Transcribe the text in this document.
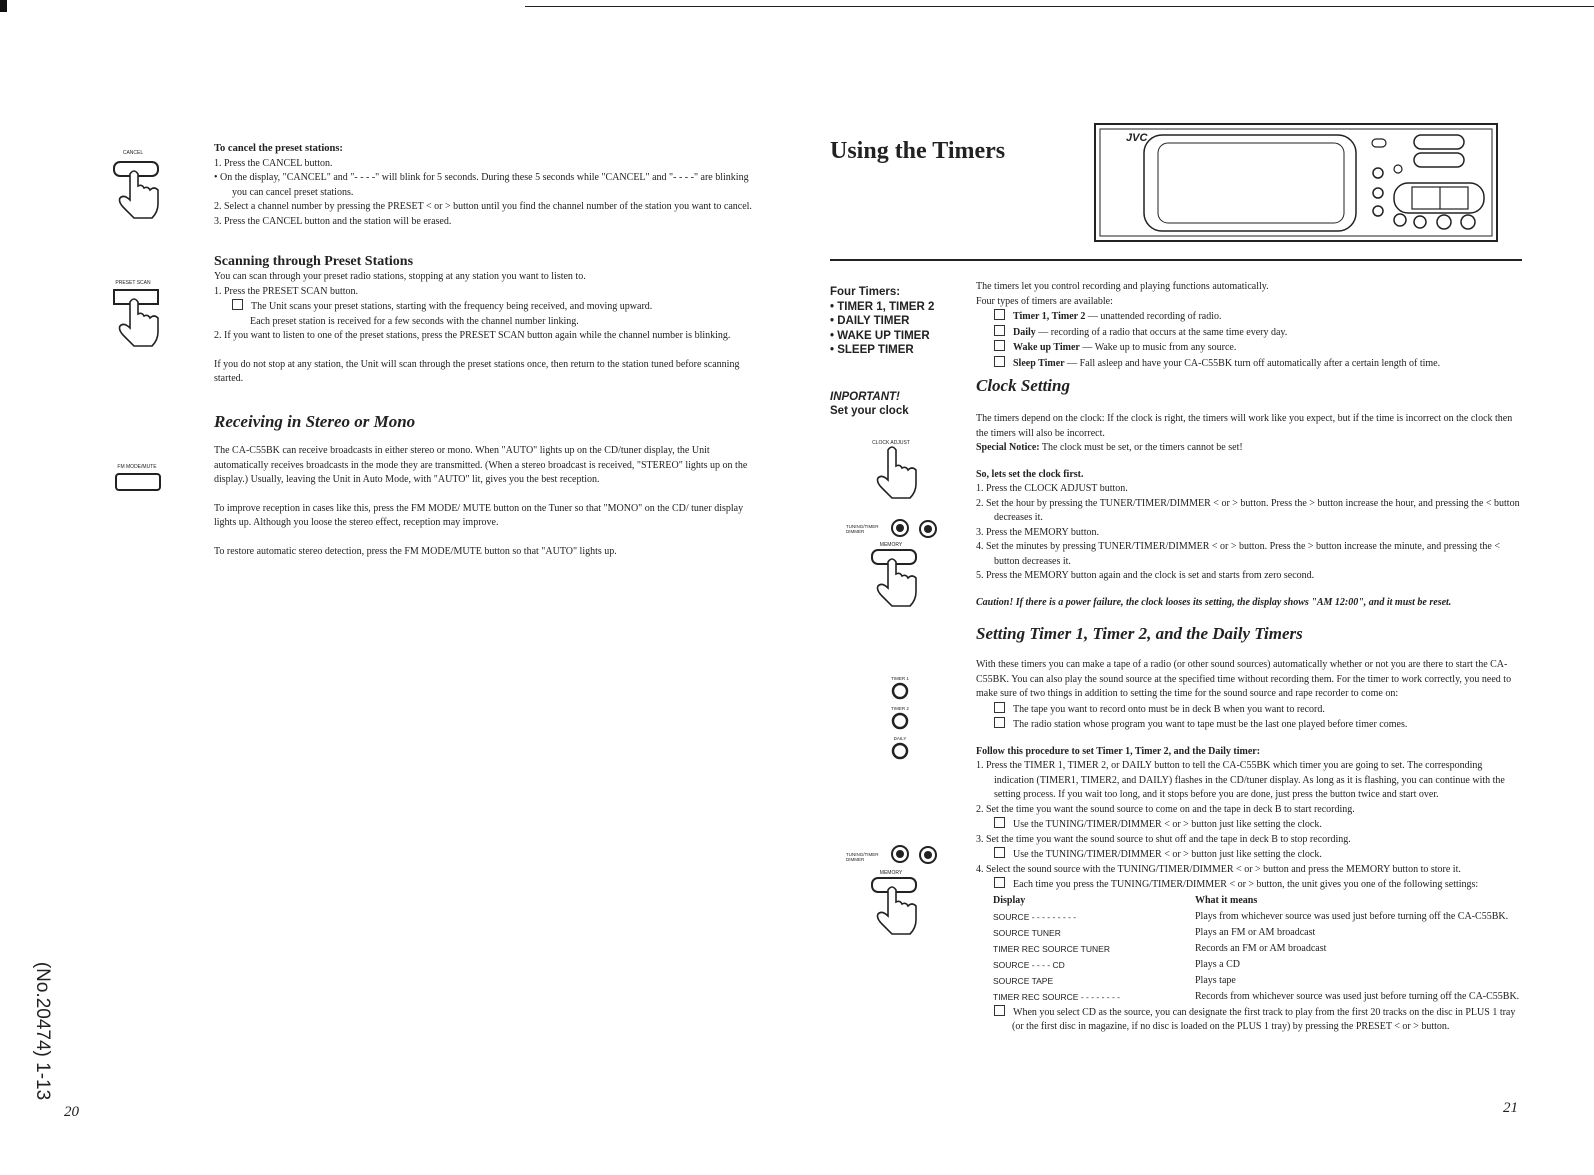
CANCEL	To cancel the preset stations:
1. Press the CANCEL button.
• On the display, "CANCEL" and "- - - -" will blink for 5 seconds. During these 5 seconds while "CANCEL" and "- - - -" are blinking you can cancel preset stations.
2. Select a channel number by pressing the PRESET < or > button until you find the channel number of the station you want to cancel.
3. Press the CANCEL button and the station will be erased.
PRESET SCAN
Scanning through Preset Stations
You can scan through your preset radio stations, stopping at any station you want to listen to.
1. Press the PRESET SCAN button.
The Unit scans your preset stations, starting with the frequency being received, and moving upward.
Each preset station is received for a few seconds with the channel number linking.
2. If you want to listen to one of the preset stations, press the PRESET SCAN button again while the channel number is blinking.
If you do not stop at any station, the Unit will scan through the preset stations once, then return to the station tuned before scanning started.
Receiving in Stereo or Mono
The CA-C55BK can receive broadcasts in either stereo or mono. When "AUTO" lights up on the CD/tuner display, the Unit automatically receives broadcasts in the mode they are transmitted. (When a stereo broadcast is received, "STEREO" lights up on the display.) Usually, leaving the Unit in Auto Mode, with "AUTO" lit, gives you the best reception.
To improve reception in cases like this, press the FM MODE/ MUTE button on the Tuner so that "MONO" on the CD/ tuner display lights up. Although you loose the stereo effect, reception may improve.
To restore automatic stereo detection, press the FM MODE/MUTE button so that "AUTO" lights up.
FM MODE/MUTE
(No.20474) 1-13
20
Using the Timers	JVC
Four Timers:
• TIMER 1, TIMER 2
• DAILY TIMER
• WAKE UP TIMER
• SLEEP TIMER
INPORTANT!
Set your clock
CLOCK ADJUST
TUNING/TIMER DIMMER
MEMORY
TIMER 1
TIMER 2
DAILY
TUNING/TIMER DIMMER
MEMORY
The timers let you control recording and playing functions automatically.
Four types of timers are available:
Timer 1, Timer 2 — unattended recording of radio.
Daily — recording of a radio that occurs at the same time every day.
Wake up Timer — Wake up to music from any source.
Sleep Timer — Fall asleep and have your CA-C55BK turn off automatically after a certain length of time.
Clock Setting
The timers depend on the clock: If the clock is right, the timers will work like you expect, but if the time is incorrect on the clock then the timers will also be incorrect.
Special Notice: The clock must be set, or the timers cannot be set!
So, lets set the clock first.
1. Press the CLOCK ADJUST button.
2. Set the hour by pressing the TUNER/TIMER/DIMMER < or > button. Press the > button increase the hour, and pressing the < button decreases it.
3. Press the MEMORY button.
4. Set the minutes by pressing TUNER/TIMER/DIMMER < or > button. Press the > button increase the minute, and pressing the < button decreases it.
5. Press the MEMORY button again and the clock is set and starts from zero second.
Caution! If there is a power failure, the clock looses its setting, the display shows "AM 12:00", and it must be reset.
Setting Timer 1, Timer 2, and the Daily Timers
With these timers you can make a tape of a radio (or other sound sources) automatically whether or not you are there to start the CA-C55BK. You can also play the sound source at the specified time without recording them. For the timer to work correctly, you need to make sure of two things in addition to setting the time for the sound source and rape recorder to come on:
The tape you want to record onto must be in deck B when you want to record.
The radio station whose program you want to tape must be the last one played before timer comes.
Follow this procedure to set Timer 1, Timer 2, and the Daily timer:
1. Press the TIMER 1, TIMER 2, or DAILY button to tell the CA-C55BK which timer you are going to set. The corresponding indication (TIMER1, TIMER2, and DAILY) flashes in the CD/tuner display. As long as it is flashing, you can continue with the setting process. If you wait too long, and it stops before you are done, just press the button twice and start over.
2. Set the time you want the sound source to come on and the tape in deck B to start recording.
Use the TUNING/TIMER/DIMMER < or > button just like setting the clock.
3. Set the time you want the sound source to shut off and the tape in deck B to stop recording.
Use the TUNING/TIMER/DIMMER < or > button just like setting the clock.
4. Select the sound source with the TUNING/TIMER/DIMMER < or > button and press the MEMORY button to store it.
Each time you press the TUNING/TIMER/DIMMER < or > button, the unit gives you one of the following settings:
Display	What it means
SOURCE - - - - - - - - -	Plays from whichever source was used just before turning off the CA-C55BK.
SOURCE TUNER	Plays an FM or AM broadcast
TIMER REC SOURCE TUNER	Records an FM or AM broadcast
SOURCE - - - - CD	Plays a CD
SOURCE TAPE	Plays tape
TIMER REC SOURCE - - - - - - - -	Records from whichever source was used just before turning off the CA-C55BK.
When you select CD as the source, you can designate the first track to play from the first 20 tracks on the disc in PLUS 1 tray (or the first disc in magazine, if no disc is loaded on the PLUS 1 tray) by pressing the PRESET < or > button.
21
